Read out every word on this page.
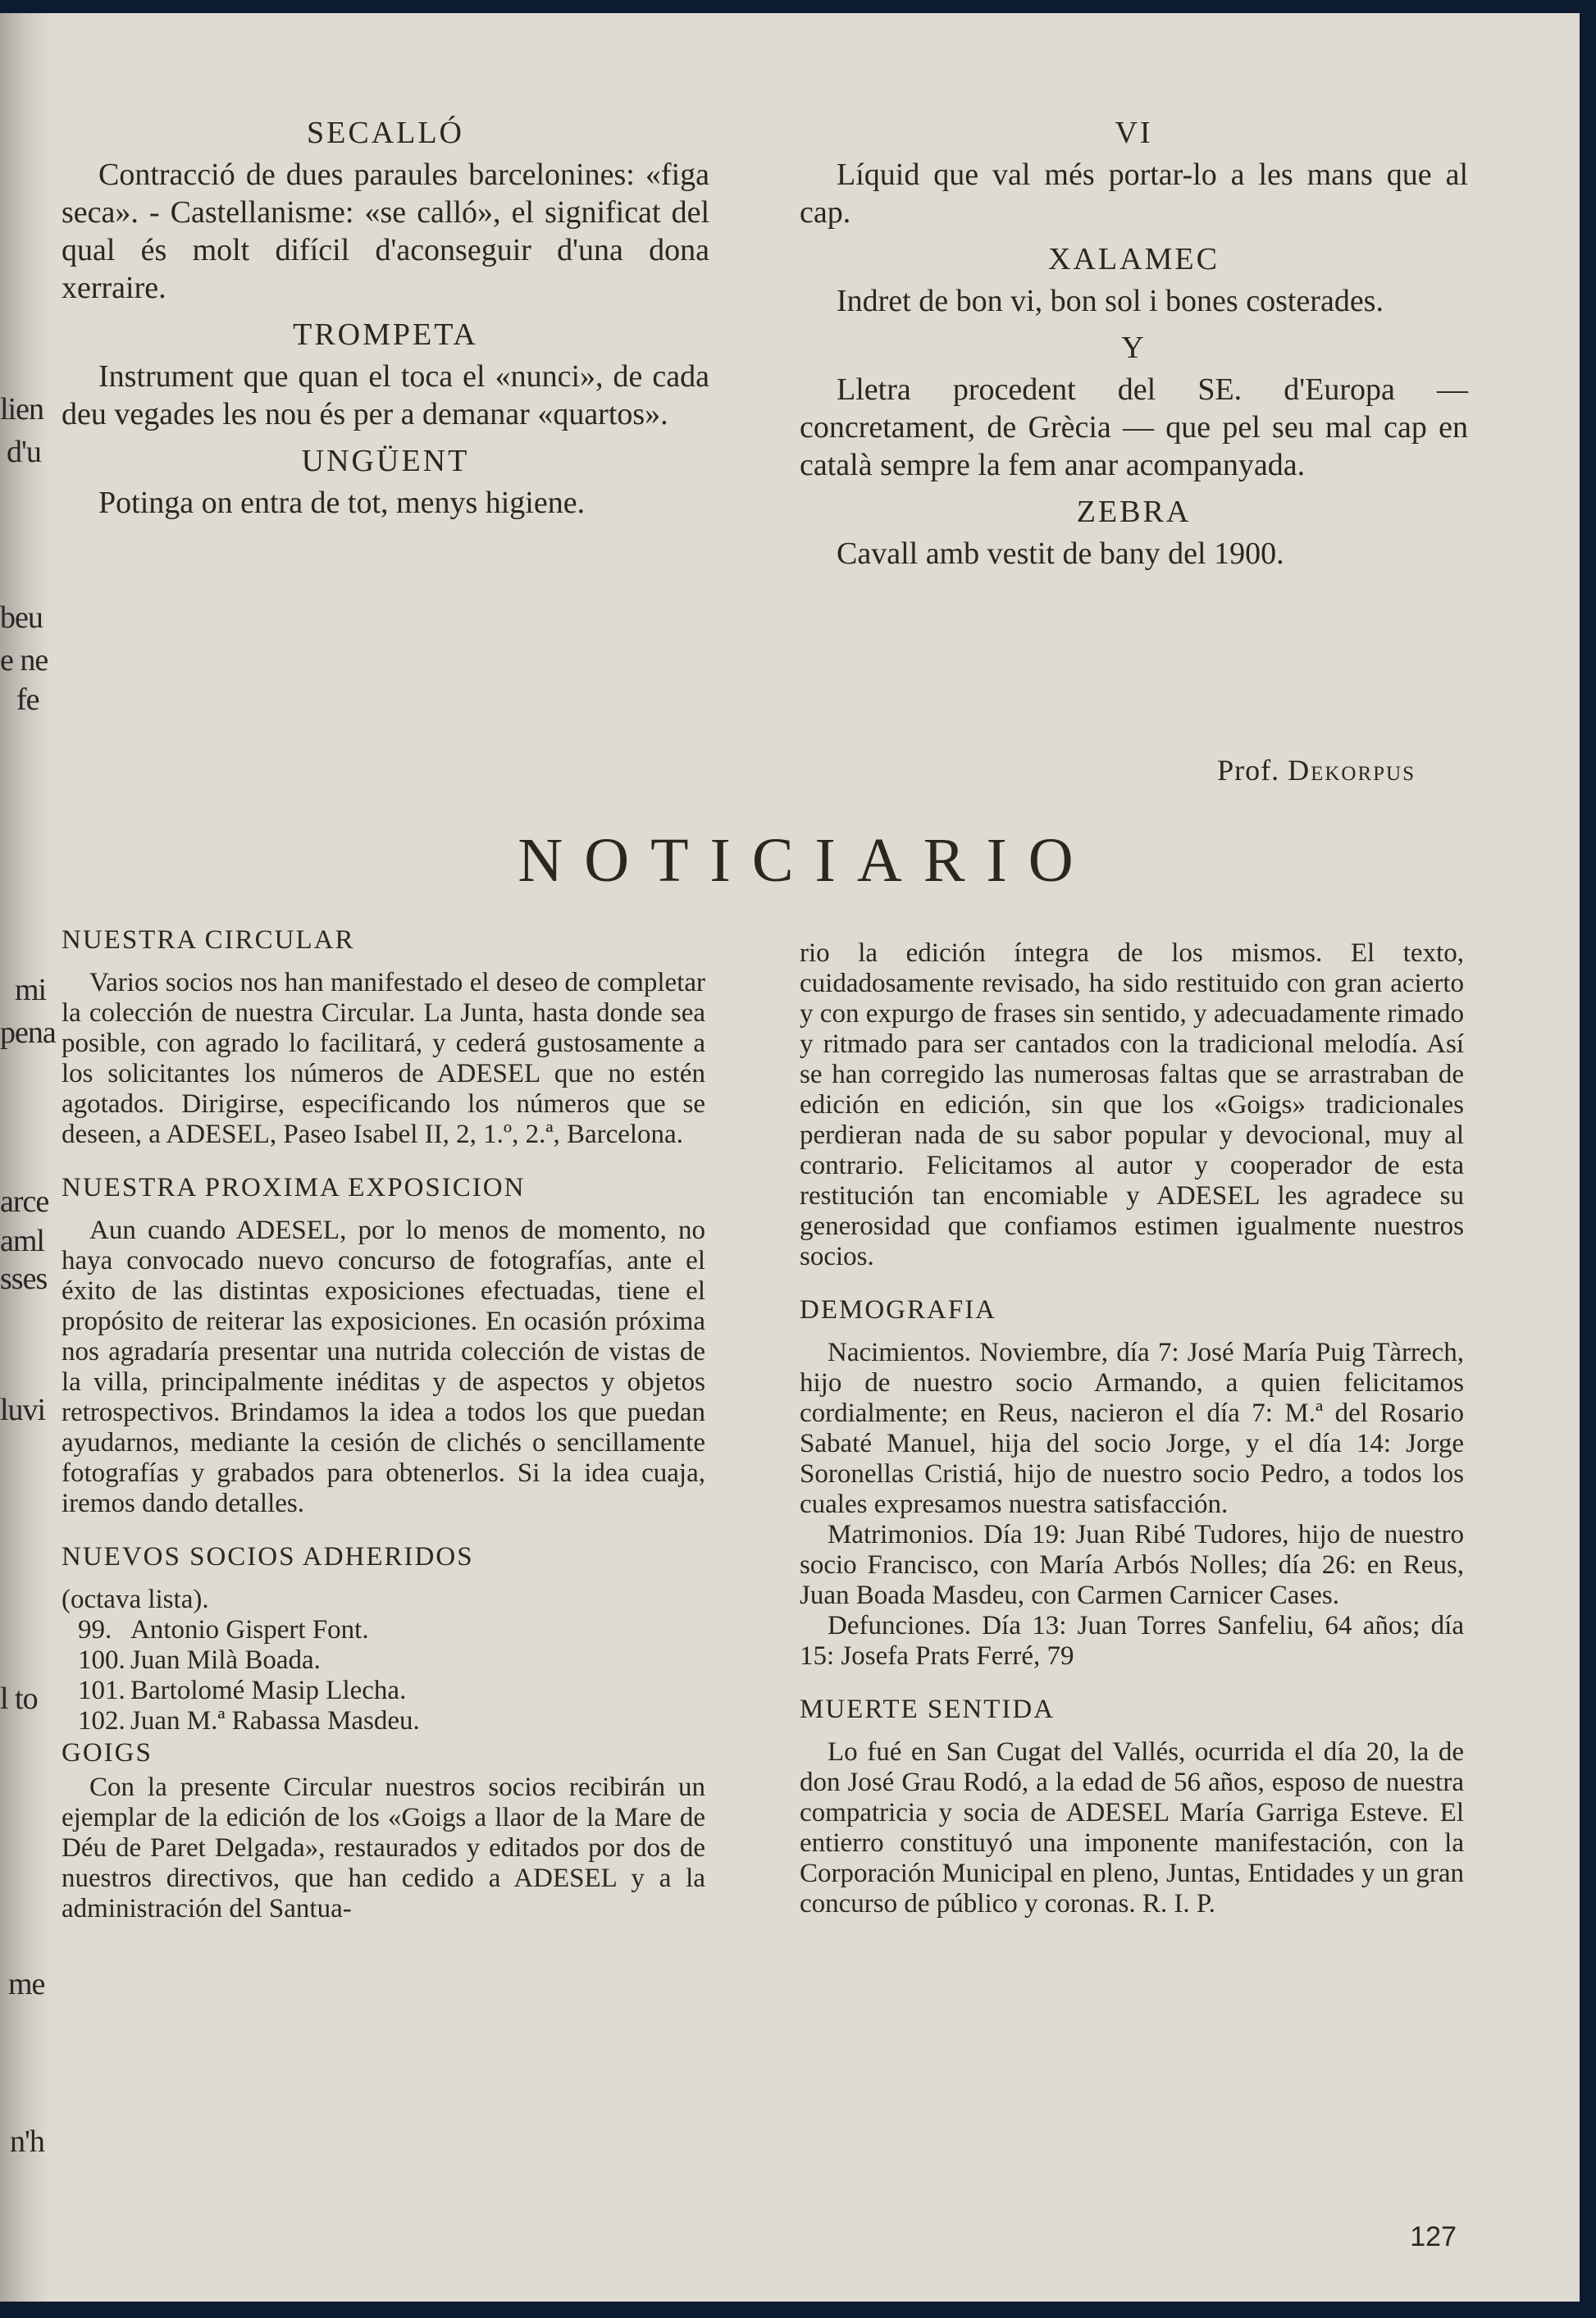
lien
d'u
beu
e ne
fe
mi
pena
arce
aml
sses
luvi
l to
me
n'h
SECALLÓ

Contracció de dues paraules barcelonines: «figa seca». - Castellanisme: «se calló», el significat del qual és molt difícil d'aconseguir d'una dona xerraire.

TROMPETA

Instrument que quan el toca el «nunci», de cada deu vegades les nou és per a demanar «quartos».

UNGÜENT

Potinga on entra de tot, menys higiene.

VI

Líquid que val més portar-lo a les mans que al cap.

XALAMEC

Indret de bon vi, bon sol i bones costerades.

Y

Lletra procedent del SE. d'Europa — concretament, de Grècia — que pel seu mal cap en català sempre la fem anar acompanyada.

ZEBRA

Cavall amb vestit de bany del 1900.

Prof. Dekorpus
NOTICIARIO
NUESTRA CIRCULAR

Varios socios nos han manifestado el deseo de completar la colección de nuestra Circular. La Junta, hasta donde sea posible, con agrado lo facilitará, y cederá gustosamente a los solicitantes los números de ADESEL que no estén agotados. Dirigirse, especificando los números que se deseen, a ADESEL, Paseo Isabel II, 2, 1.º, 2.ª, Barcelona.

NUESTRA PROXIMA EXPOSICION

Aun cuando ADESEL, por lo menos de momento, no haya convocado nuevo concurso de fotografías, ante el éxito de las distintas exposiciones efectuadas, tiene el propósito de reiterar las exposiciones. En ocasión próxima nos agradaría presentar una nutrida colección de vistas de la villa, principalmente inéditas y de aspectos y objetos retrospectivos. Brindamos la idea a todos los que puedan ayudarnos, mediante la cesión de clichés o sencillamente fotografías y grabados para obtenerlos. Si la idea cuaja, iremos dando detalles.

NUEVOS SOCIOS ADHERIDOS
(octava lista).
99. Antonio Gispert Font.
100. Juan Milà Boada.
101. Bartolomé Masip Llecha.
102. Juan M.ª Rabassa Masdeu.
GOIGS

Con la presente Circular nuestros socios recibirán un ejemplar de la edición de los «Goigs a llaor de la Mare de Déu de Paret Delgada», restaurados y editados por dos de nuestros directivos, que han cedido a ADESEL y a la administración del Santua-

rio la edición íntegra de los mismos. El texto, cuidadosamente revisado, ha sido restituido con gran acierto y con expurgo de frases sin sentido, y adecuadamente rimado y ritmado para ser cantados con la tradicional melodía. Así se han corregido las numerosas faltas que se arrastraban de edición en edición, sin que los «Goigs» tradicionales perdieran nada de su sabor popular y devocional, muy al contrario. Felicitamos al autor y cooperador de esta restitución tan encomiable y ADESEL les agradece su generosidad que confiamos estimen igualmente nuestros socios.

DEMOGRAFIA

Nacimientos. Noviembre, día 7: José María Puig Tàrrech, hijo de nuestro socio Armando, a quien felicitamos cordialmente; en Reus, nacieron el día 7: M.ª del Rosario Sabaté Manuel, hija del socio Jorge, y el día 14: Jorge Soronellas Cristiá, hijo de nuestro socio Pedro, a todos los cuales expresamos nuestra satisfacción.

Matrimonios. Día 19: Juan Ribé Tudores, hijo de nuestro socio Francisco, con María Arbós Nolles; día 26: en Reus, Juan Boada Masdeu, con Carmen Carnicer Cases.

Defunciones. Día 13: Juan Torres Sanfeliu, 64 años; día 15: Josefa Prats Ferré, 79

MUERTE SENTIDA

Lo fué en San Cugat del Vallés, ocurrida el día 20, la de don José Grau Rodó, a la edad de 56 años, esposo de nuestra compatricia y socia de ADESEL María Garriga Esteve. El entierro constituyó una imponente manifestación, con la Corporación Municipal en pleno, Juntas, Entidades y un gran concurso de público y coronas. R. I. P.

127
